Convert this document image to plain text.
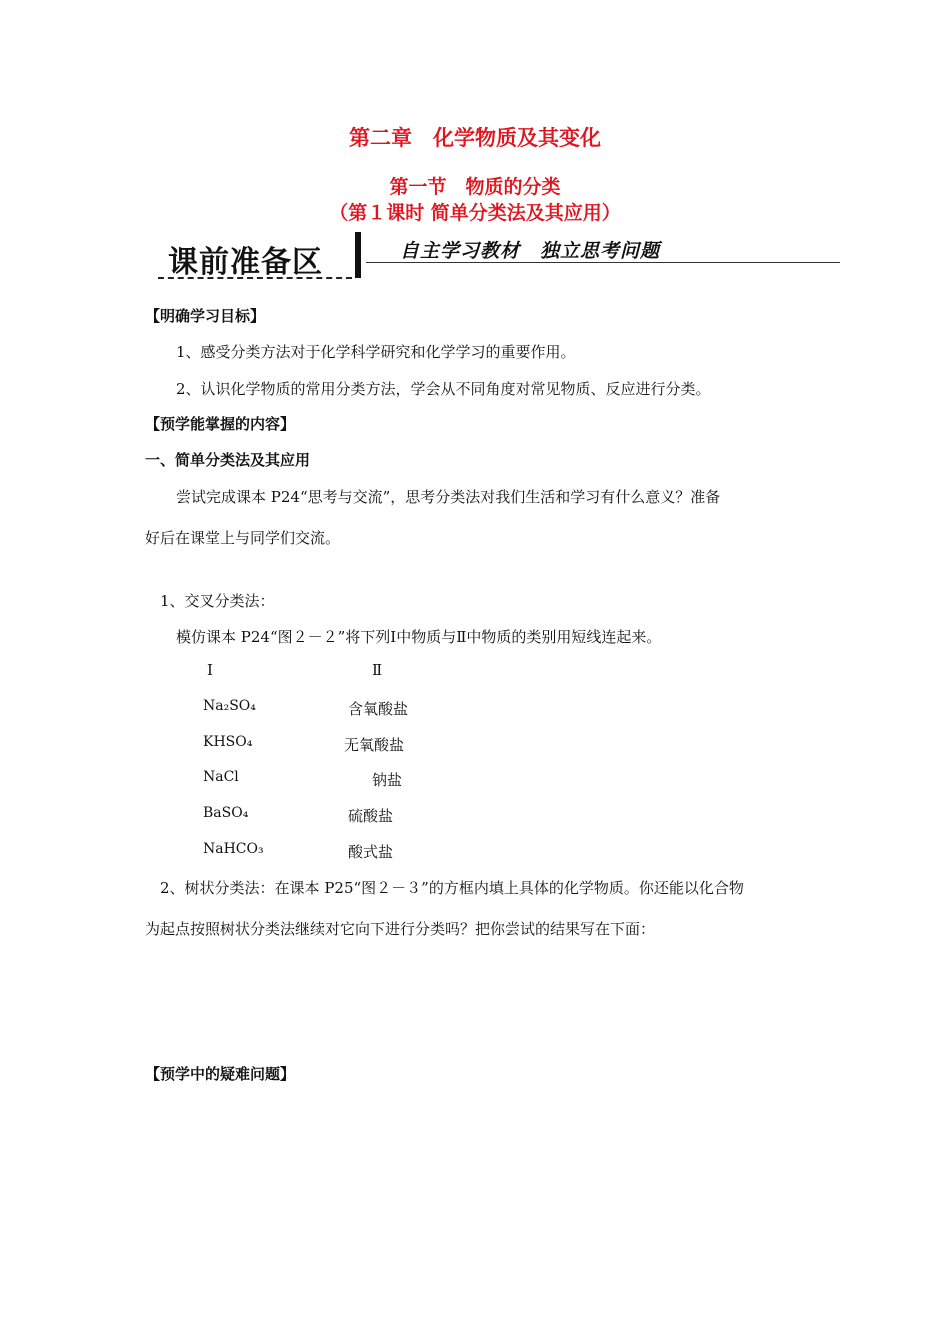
第二章　化学物质及其变化
第一节　物质的分类
（第１课时 简单分类法及其应用）
课前准备区	自主学习教材　独立思考问题
【明确学习目标】
1、感受分类方法对于化学科学研究和化学学习的重要作用。
2、认识化学物质的常用分类方法，学会从不同角度对常见物质、反应进行分类。
【预学能掌握的内容】
一、简单分类法及其应用
尝试完成课本 P24“思考与交流”，思考分类法对我们生活和学习有什么意义？准备
好后在课堂上与同学们交流。
1、交叉分类法：
模仿课本 P24“图２－２”将下列Ⅰ中物质与Ⅱ中物质的类别用短线连起来。
Ⅰ	Ⅱ
Na₂SO₄
KHSO₄
NaCl
BaSO₄
NaHCO₃
含氧酸盐
无氧酸盐
钠盐
硫酸盐
酸式盐
2、树状分类法：在课本 P25“图２－３”的方框内填上具体的化学物质。你还能以化合物
为起点按照树状分类法继续对它向下进行分类吗？把你尝试的结果写在下面：
【预学中的疑难问题】
